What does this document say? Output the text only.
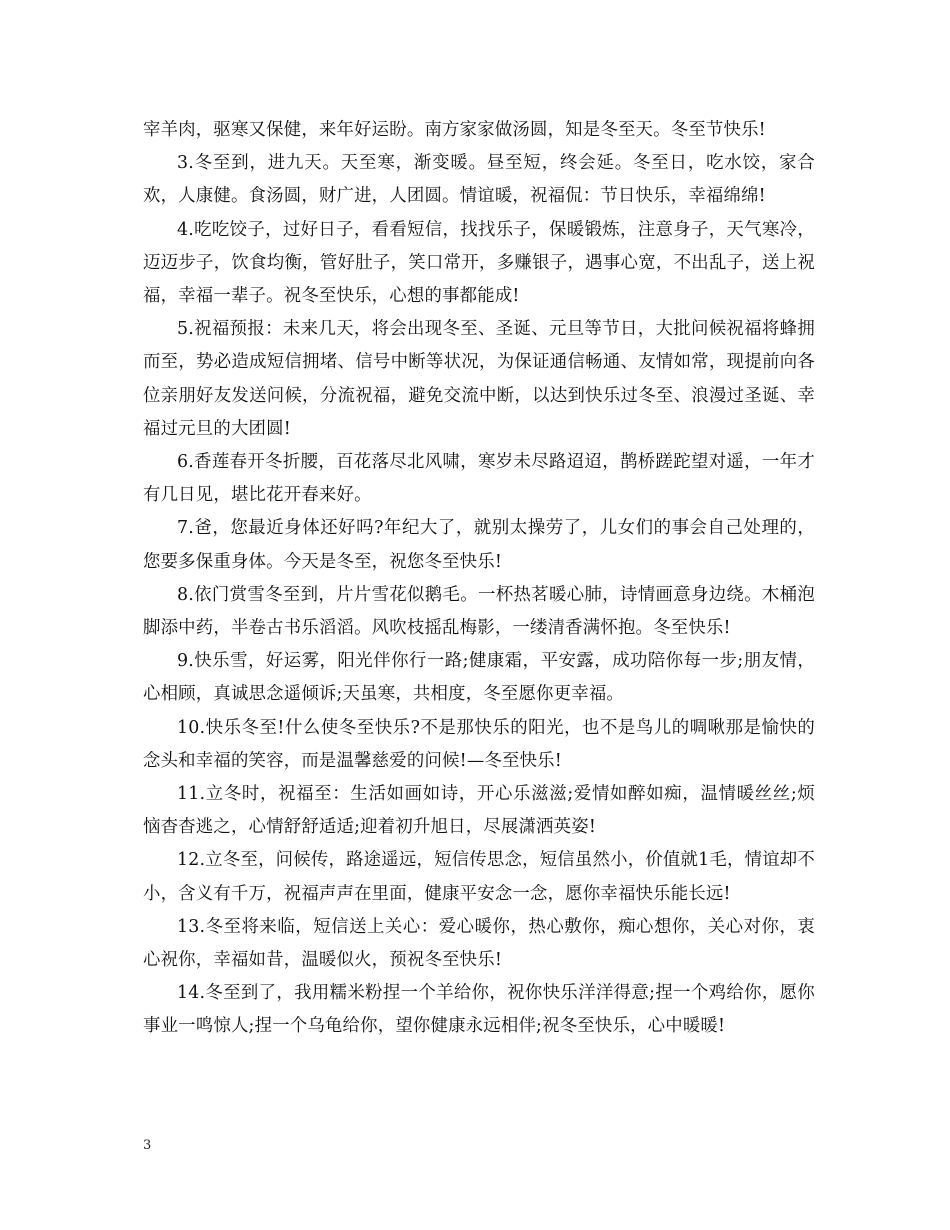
宰羊肉，驱寒又保健，来年好运盼。南方家家做汤圆，知是冬至天。冬至节快乐!

3.冬至到，进九天。天至寒，渐变暖。昼至短，终会延。冬至日，吃水饺，家合欢，人康健。食汤圆，财广进，人团圆。情谊暖，祝福侃：节日快乐，幸福绵绵!

4.吃吃饺子，过好日子，看看短信，找找乐子，保暖锻炼，注意身子，天气寒冷，迈迈步子，饮食均衡，管好肚子，笑口常开，多赚银子，遇事心宽，不出乱子，送上祝福，幸福一辈子。祝冬至快乐，心想的事都能成!

5.祝福预报：未来几天，将会出现冬至、圣诞、元旦等节日，大批问候祝福将蜂拥而至，势必造成短信拥堵、信号中断等状况，为保证通信畅通、友情如常，现提前向各位亲朋好友发送问候，分流祝福，避免交流中断，以达到快乐过冬至、浪漫过圣诞、幸福过元旦的大团圆!

6.香莲春开冬折腰，百花落尽北风啸，寒岁未尽路迢迢，鹊桥蹉跎望对遥，一年才有几日见，堪比花开春来好。

7.爸，您最近身体还好吗?年纪大了，就别太操劳了，儿女们的事会自己处理的，您要多保重身体。今天是冬至，祝您冬至快乐!

8.依门赏雪冬至到，片片雪花似鹅毛。一杯热茗暖心肺，诗情画意身边绕。木桶泡脚添中药，半卷古书乐滔滔。风吹枝摇乱梅影，一缕清香满怀抱。冬至快乐!

9.快乐雪，好运雾，阳光伴你行一路;健康霜，平安露，成功陪你每一步;朋友情，心相顾，真诚思念遥倾诉;天虽寒，共相度，冬至愿你更幸福。

10.快乐冬至!什么使冬至快乐?不是那快乐的阳光，也不是鸟儿的啁啾那是愉快的念头和幸福的笑容，而是温馨慈爱的问候!—冬至快乐!

11.立冬时，祝福至：生活如画如诗，开心乐滋滋;爱情如醉如痴，温情暖丝丝;烦恼杳杳逃之，心情舒舒适适;迎着初升旭日，尽展潇洒英姿!

12.立冬至，问候传，路途遥远，短信传思念，短信虽然小，价值就1毛，情谊却不小，含义有千万，祝福声声在里面，健康平安念一念，愿你幸福快乐能长远!

13.冬至将来临，短信送上关心：爱心暖你，热心敷你，痴心想你，关心对你，衷心祝你，幸福如昔，温暖似火，预祝冬至快乐!

14.冬至到了，我用糯米粉捏一个羊给你，祝你快乐洋洋得意;捏一个鸡给你，愿你事业一鸣惊人;捏一个乌龟给你，望你健康永远相伴;祝冬至快乐，心中暖暖!

3
